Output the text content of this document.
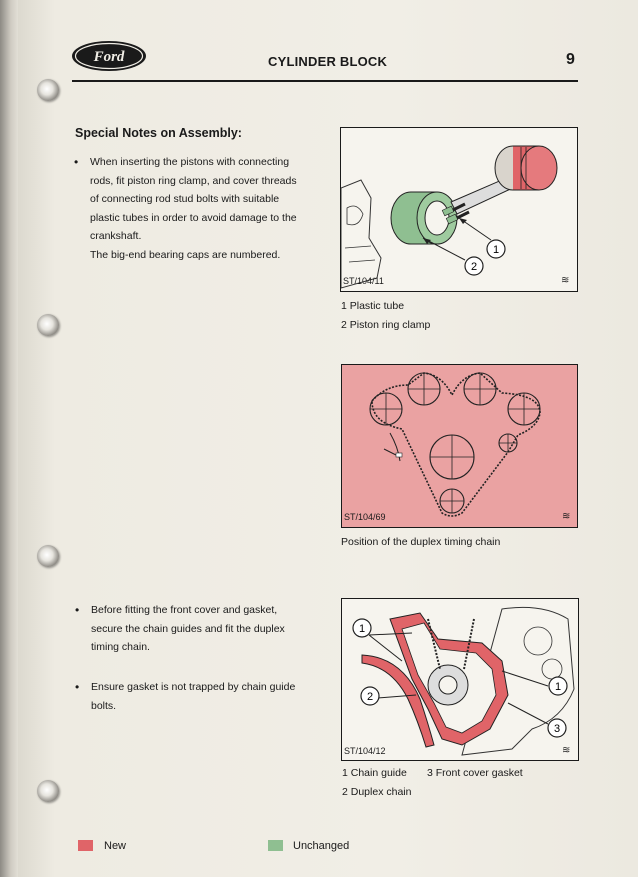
Ford	CYLINDER BLOCK	9
Special Notes on Assembly:
• When inserting the pistons with connecting
rods, fit piston ring clamp, and cover threads
of connecting rod stud bolts with suitable
plastic tubes in order to avoid damage to the
crankshaft.
The big-end bearing caps are numbered.
• Before fitting the front cover and gasket,
secure the chain guides and fit the duplex
timing chain.
• Ensure gasket is not trapped by chain guide
bolts.
1
2
ST/104/11	≋
1 Plastic tube
2 Piston ring clamp
ST/104/69	≋
Position of the duplex timing chain
1
1
2
3
ST/104/12	≋
1 Chain guide 3 Front cover gasket
2 Duplex chain
New	Unchanged
